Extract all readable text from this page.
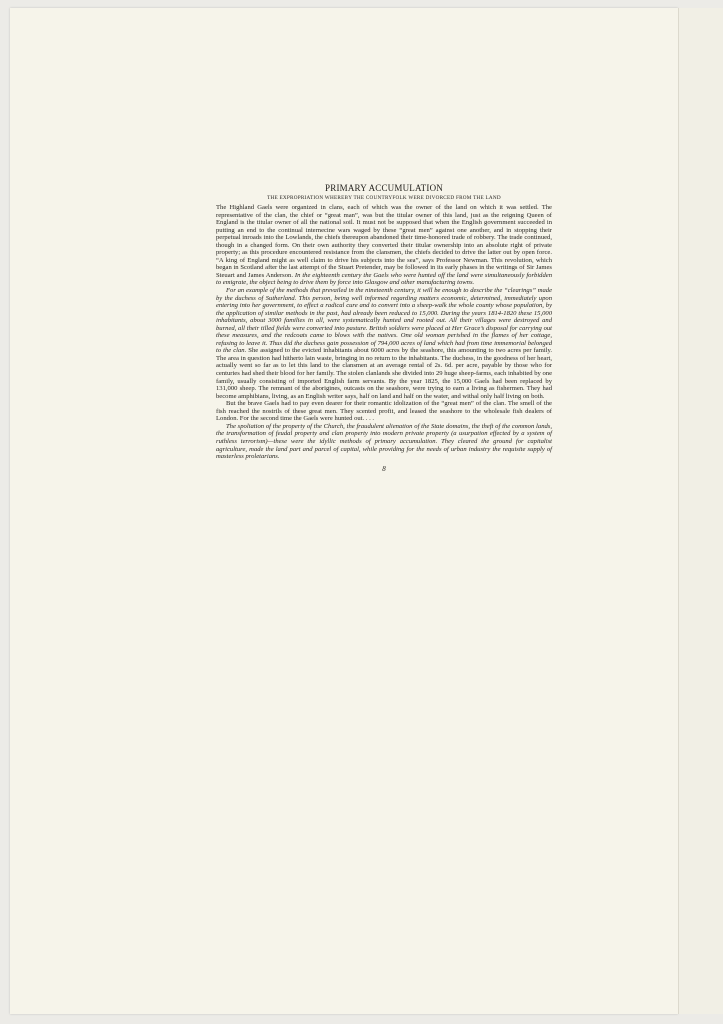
PRIMARY ACCUMULATION
THE EXPROPRIATION WHEREBY THE COUNTRYFOLK WERE DIVORCED FROM THE LAND

The Highland Gaels were organized in clans, each of which was the owner of the land on which it was settled. The representative of the clan, the chief or “great man”, was but the titular owner of this land, just as the reigning Queen of England is the titular owner of all the national soil. It must not be supposed that when the English government succeeded in putting an end to the continual internecine wars waged by these “great men” against one another, and in stopping their perpetual inroads into the Lowlands, the chiefs thereupon abandoned their time-honored trade of robbery. The trade continued, though in a changed form. On their own authority they converted their titular ownership into an absolute right of private property; as this procedure encountered resistance from the clansmen, the chiefs decided to drive the latter out by open force. “A king of England might as well claim to drive his subjects into the sea”, says Professor Newman. This revolution, which began in Scotland after the last attempt of the Stuart Pretender, may be followed in its early phases in the writings of Sir James Steuart and James Anderson. In the eighteenth century the Gaels who were hunted off the land were simultaneously forbidden to emigrate, the object being to drive them by force into Glasgow and other manufacturing towns.

For an example of the methods that prevailed in the nineteenth century, it will be enough to describe the “clearings” made by the duchess of Sutherland. This person, being well informed regarding matters economic, determined, immediately upon entering into her government, to effect a radical cure and to convert into a sheep-walk the whole county whose population, by the application of similar methods in the past, had already been reduced to 15,000. During the years 1814-1820 these 15,000 inhabitants, about 3000 families in all, were systematically hunted and rooted out. All their villages were destroyed and burned, all their tilled fields were converted into pasture. British soldiers were placed at Her Grace’s disposal for carrying out these measures, and the redcoats came to blows with the natives. One old woman perished in the flames of her cottage, refusing to leave it. Thus did the duchess gain possession of 794,000 acres of land which had from time immemorial belonged to the clan. She assigned to the evicted inhabitants about 6000 acres by the seashore, this amounting to two acres per family. The area in question had hitherto lain waste, bringing in no return to the inhabitants. The duchess, in the goodness of her heart, actually went so far as to let this land to the clansmen at an average rental of 2s. 6d. per acre, payable by those who for centuries had shed their blood for her family. The stolen clanlands she divided into 29 huge sheep-farms, each inhabited by one family, usually consisting of imported English farm servants. By the year 1825, the 15,000 Gaels had been replaced by 131,000 sheep. The remnant of the aborigines, outcasts on the seashore, were trying to earn a living as fishermen. They had become amphibians, living, as an English writer says, half on land and half on the water, and withal only half living on both.

But the brave Gaels had to pay even dearer for their romantic idolization of the “great men” of the clan. The smell of the fish reached the nostrils of these great men. They scented profit, and leased the seashore to the wholesale fish dealers of London. For the second time the Gaels were hunted out. . . .

The spoliation of the property of the Church, the fraudulent alienation of the State domains, the theft of the common lands, the transformation of feudal property and clan property into modern private property (a usurpation effected by a system of ruthless terrorism)—these were the idyllic methods of primary accumulation. They cleared the ground for capitalist agriculture, made the land part and parcel of capital, while providing for the needs of urban industry the requisite supply of masterless proletarians.

8
